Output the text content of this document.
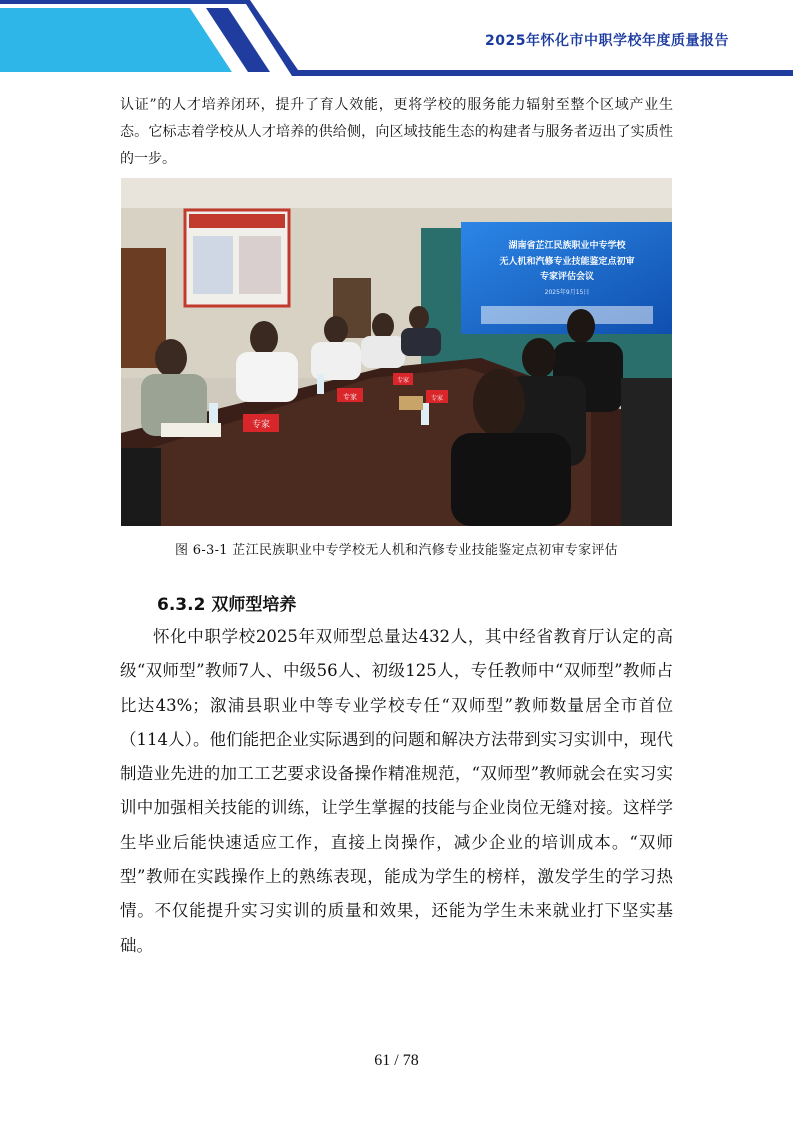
2025年怀化市中职学校年度质量报告

认证”的人才培养闭环，提升了育人效能，更将学校的服务能力辐射至整个区域产业生态。它标志着学校从人才培养的供给侧，向区域技能生态的构建者与服务者迈出了实质性的一步。

湖南省芷江民族职业中专学校
无人机和汽修专业技能鉴定点初审
专家评估会议
2025年9月15日
专家
专家
专家
专家

图 6-3-1 芷江民族职业中专学校无人机和汽修专业技能鉴定点初审专家评估

6.3.2 双师型培养

怀化中职学校2025年双师型总量达432人，其中经省教育厅认定的高级“双师型”教师7人、中级56人、初级125人，专任教师中“双师型”教师占比达43%；溆浦县职业中等专业学校专任“双师型”教师数量居全市首位（114人）。他们能把企业实际遇到的问题和解决方法带到实习实训中，现代制造业先进的加工工艺要求设备操作精准规范，“双师型”教师就会在实习实训中加强相关技能的训练，让学生掌握的技能与企业岗位无缝对接。这样学生毕业后能快速适应工作，直接上岗操作，减少企业的培训成本。“双师型”教师在实践操作上的熟练表现，能成为学生的榜样，激发学生的学习热情。不仅能提升实习实训的质量和效果，还能为学生未来就业打下坚实基础。

61 / 78
